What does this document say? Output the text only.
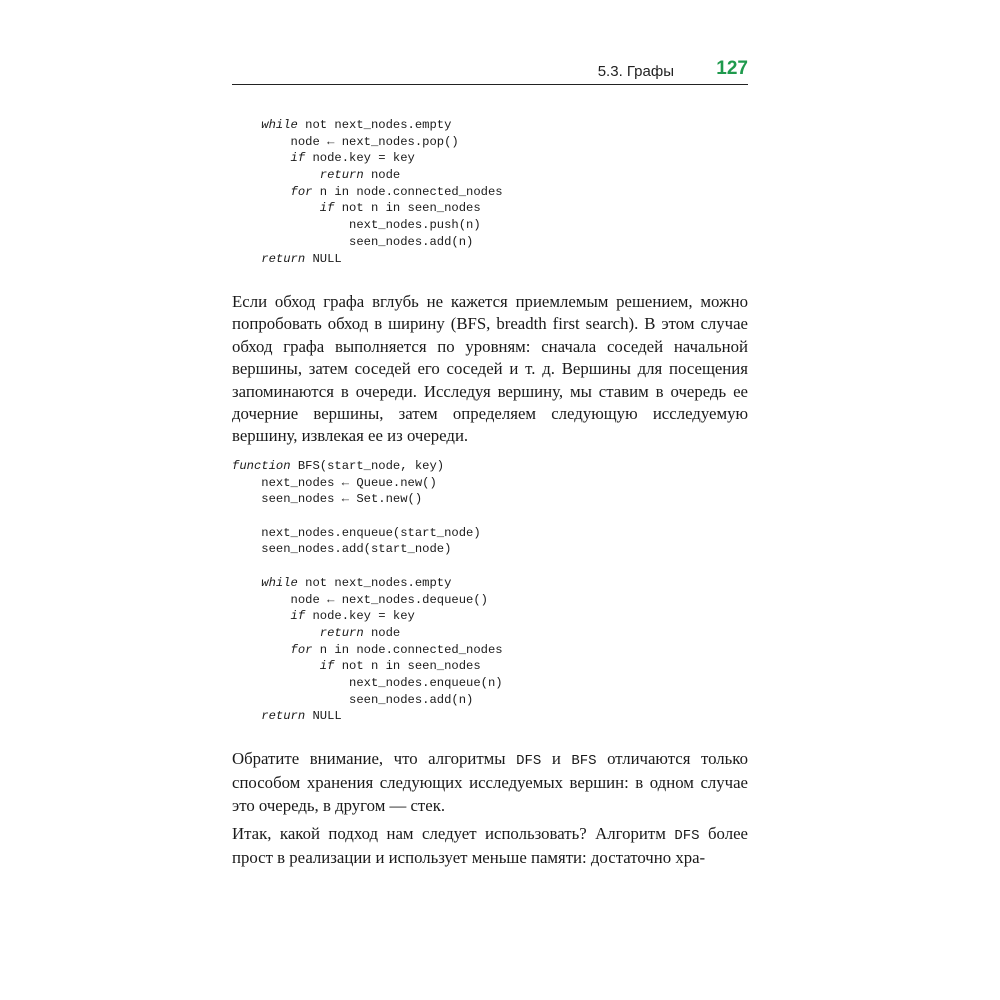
5.3. Графы 127
while not next_nodes.empty
node ← next_nodes.pop()
if node.key = key
return node
for n in node.connected_nodes
if not n in seen_nodes
next_nodes.push(n)
seen_nodes.add(n)
return NULL

Если обход графа вглубь не кажется приемлемым решением, можно попробовать обход в ширину (BFS, breadth first search). В этом случае обход графа выполняется по уровням: сначала соседей начальной вершины, затем соседей его соседей и т. д. Вершины для посещения запоминаются в очереди. Исследуя вершину, мы ставим в очередь ее дочерние вершины, затем определяем следующую исследуемую вершину, извлекая ее из очереди.

function BFS(start_node, key)
next_nodes ← Queue.new()
seen_nodes ← Set.new()
next_nodes.enqueue(start_node)
seen_nodes.add(start_node)
while not next_nodes.empty
node ← next_nodes.dequeue()
if node.key = key
return node
for n in node.connected_nodes
if not n in seen_nodes
next_nodes.enqueue(n)
seen_nodes.add(n)
return NULL

Обратите внимание, что алгоритмы DFS и BFS отличаются только способом хранения следующих исследуемых вершин: в одном случае это очередь, в другом — стек.

Итак, какой подход нам следует использовать? Алгоритм DFS более прост в реализации и использует меньше памяти: достаточно хра-
